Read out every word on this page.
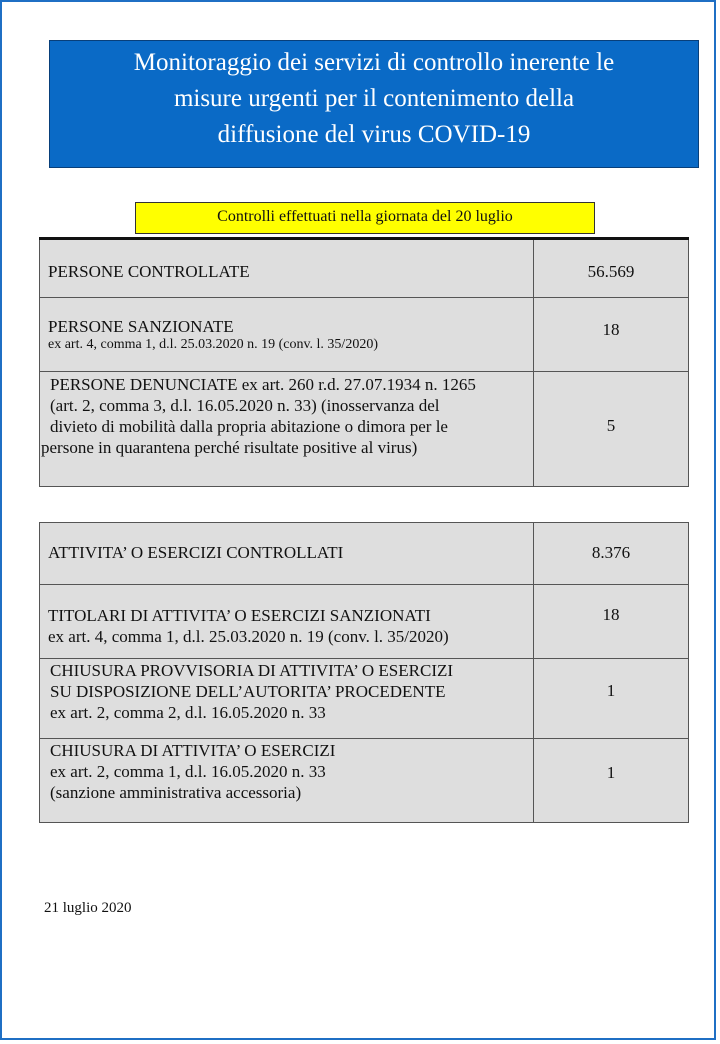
Monitoraggio dei servizi di controllo inerente le
misure urgenti per il contenimento della
diffusione del virus COVID-19
Controlli effettuati nella giornata del 20 luglio
PERSONE CONTROLLATE	56.569

PERSONE SANZIONATE
ex art. 4, comma 1, d.l. 25.03.2020 n. 19 (conv. l. 35/2020)	18

PERSONE DENUNCIATE ex art. 260 r.d. 27.07.1934 n. 1265
(art. 2, comma 3, d.l. 16.05.2020 n. 33) (inosservanza del
divieto di mobilità dalla propria abitazione o dimora per le
persone in quarantena perché risultate positive al virus)	5
ATTIVITA’ O ESERCIZI CONTROLLATI	8.376

TITOLARI DI ATTIVITA’ O ESERCIZI SANZIONATI
ex art. 4, comma 1, d.l. 25.03.2020 n. 19 (conv. l. 35/2020)	18

CHIUSURA PROVVISORIA DI ATTIVITA’ O ESERCIZI
SU DISPOSIZIONE DELL’AUTORITA’ PROCEDENTE
ex art. 2, comma 2, d.l. 16.05.2020 n. 33	1

CHIUSURA DI ATTIVITA’ O ESERCIZI
ex art. 2, comma 1, d.l. 16.05.2020 n. 33
(sanzione amministrativa accessoria)	1
21 luglio 2020
